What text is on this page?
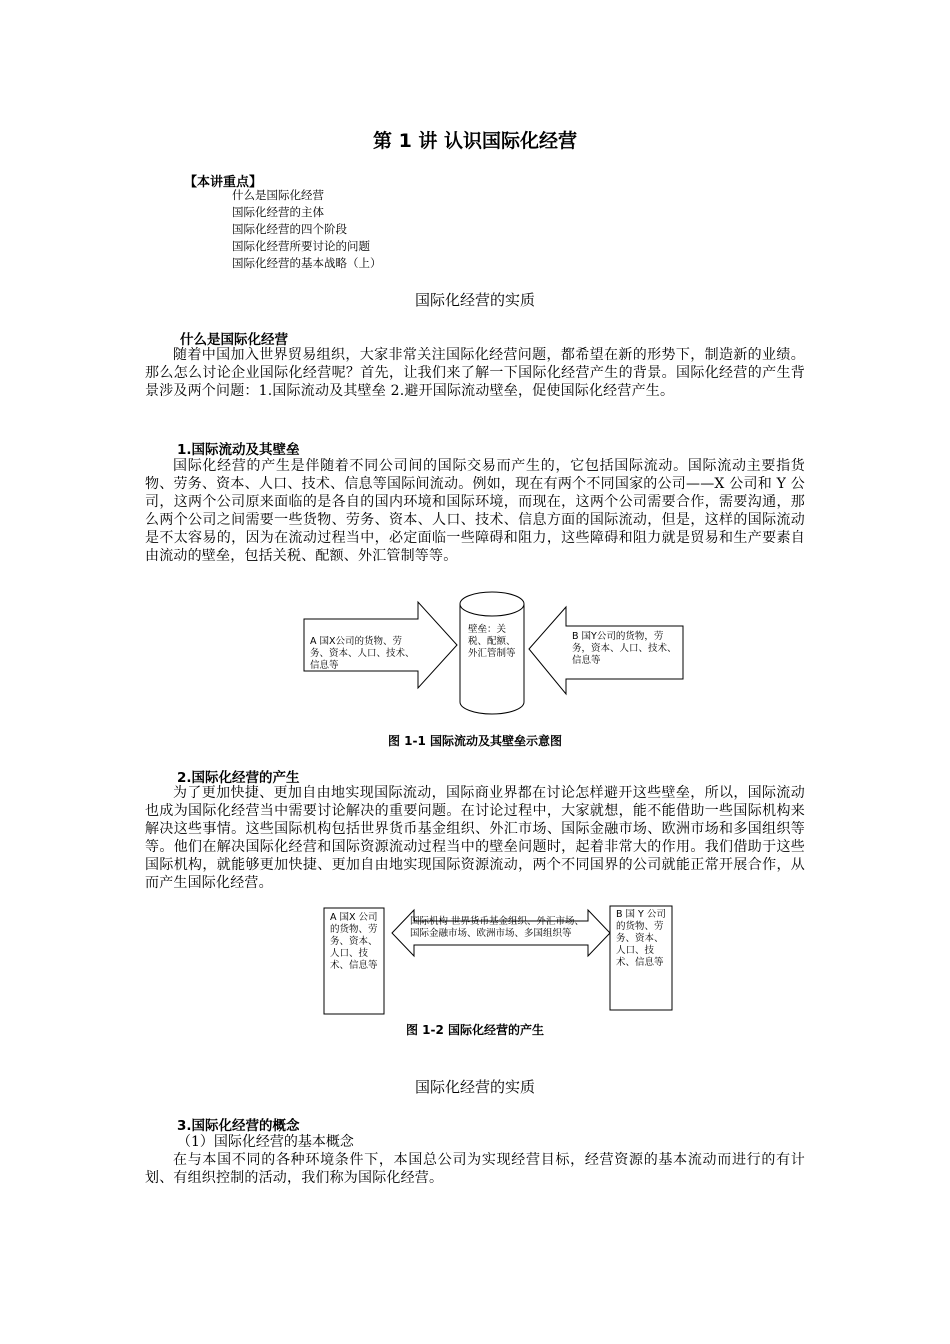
第 1 讲 认识国际化经营
【本讲重点】
什么是国际化经营
国际化经营的主体
国际化经营的四个阶段
国际化经营所要讨论的问题
国际化经营的基本战略（上）
国际化经营的实质
什么是国际化经营

随着中国加入世界贸易组织，大家非常关注国际化经营问题，都希望在新的形势下，制造新的业绩。那么怎么讨论企业国际化经营呢？首先，让我们来了解一下国际化经营产生的背景。国际化经营的产生背景涉及两个问题：1.国际流动及其壁垒 2.避开国际流动壁垒，促使国际化经营产生。

1.国际流动及其壁垒

国际化经营的产生是伴随着不同公司间的国际交易而产生的，它包括国际流动。国际流动主要指货物、劳务、资本、人口、技术、信息等国际间流动。例如，现在有两个不同国家的公司——X 公司和 Y 公司，这两个公司原来面临的是各自的国内环境和国际环境，而现在，这两个公司需要合作，需要沟通，那么两个公司之间需要一些货物、劳务、资本、人口、技术、信息方面的国际流动，但是，这样的国际流动是不太容易的，因为在流动过程当中，必定面临一些障碍和阻力，这些障碍和阻力就是贸易和生产要素自由流动的壁垒，包括关税、配额、外汇管制等等。

A 国X公司的货物、劳务、资本、人口、技术、信息等
壁垒：关税、配额、外汇管制等
B 国Y公司的货物，劳务，资本、人口、技术、信息等
图 1-1 国际流动及其壁垒示意图
2.国际化经营的产生

为了更加快捷、更加自由地实现国际流动，国际商业界都在讨论怎样避开这些壁垒，所以，国际流动也成为国际化经营当中需要讨论解决的重要问题。在讨论过程中，大家就想，能不能借助一些国际机构来解决这些事情。这些国际机构包括世界货币基金组织、外汇市场、国际金融市场、欧洲市场和多国组织等等。他们在解决国际化经营和国际资源流动过程当中的壁垒问题时，起着非常大的作用。我们借助于这些国际机构，就能够更加快捷、更加自由地实现国际资源流动，两个不同国界的公司就能正常开展合作，从而产生国际化经营。

A 国X 公司的货物、劳务、资本、人口、技术、信息等
国际机构 世界货币基金组织、外汇市场、国际金融市场、欧洲市场、多国组织等
B 国 Y 公司的货物、劳务、资本、人口、技术、信息等
图 1-2 国际化经营的产生
国际化经营的实质
3.国际化经营的概念
（1）国际化经营的基本概念

在与本国不同的各种环境条件下，本国总公司为实现经营目标，经营资源的基本流动而进行的有计划、有组织控制的活动，我们称为国际化经营。
